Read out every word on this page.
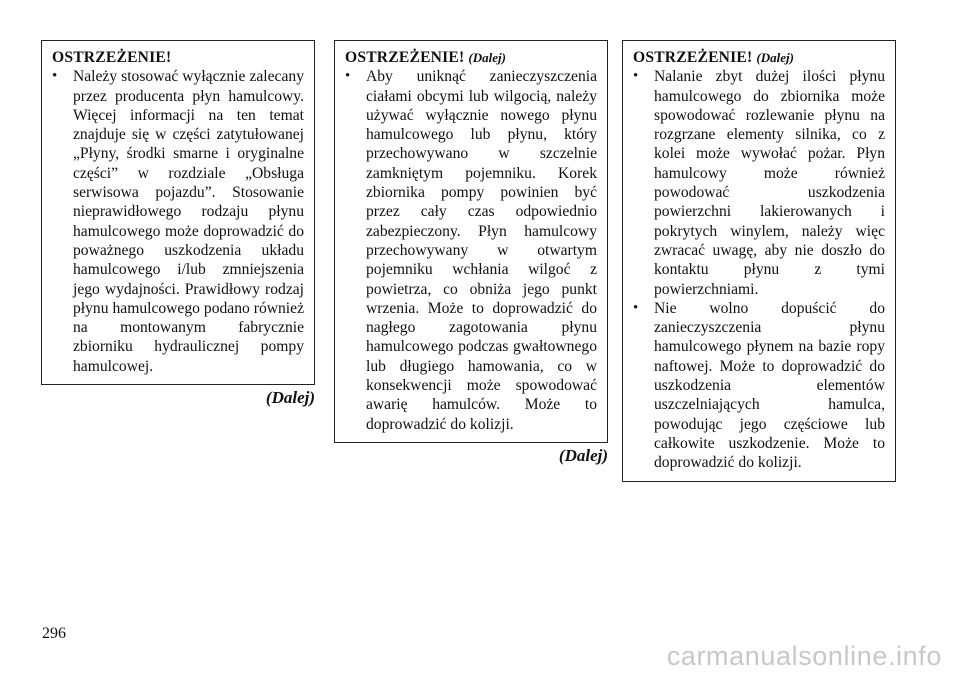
OSTRZEŻENIE!
• Należy stosować wyłącznie zalecany przez producenta płyn hamulcowy. Więcej informacji na ten temat znajduje się w części zatytułowanej „Płyny, środki smarne i oryginalne części” w rozdziale „Obsługa serwisowa pojazdu”. Stosowanie nieprawidłowego rodzaju płynu hamulcowego może doprowadzić do poważnego uszkodzenia układu hamulcowego i/lub zmniejszenia jego wydajności. Prawidłowy rodzaj płynu hamulcowego podano również na montowanym fabrycznie zbiorniku hydraulicznej pompy hamulcowej.
(Dalej)
OSTRZEŻENIE! (Dalej)
• Aby uniknąć zanieczyszczenia ciałami obcymi lub wilgocią, należy używać wyłącznie nowego płynu hamulcowego lub płynu, który przechowywano w szczelnie zamkniętym pojemniku. Korek zbiornika pompy powinien być przez cały czas odpowiednio zabezpieczony. Płyn hamulcowy przechowywany w otwartym pojemniku wchłania wilgoć z powietrza, co obniża jego punkt wrzenia. Może to doprowadzić do nagłego zagotowania płynu hamulcowego podczas gwałtownego lub długiego hamowania, co w konsekwencji może spowodować awarię hamulców. Może to doprowadzić do kolizji.
(Dalej)
OSTRZEŻENIE! (Dalej)
• Nalanie zbyt dużej ilości płynu hamulcowego do zbiornika może spowodować rozlewanie płynu na rozgrzane elementy silnika, co z kolei może wywołać pożar. Płyn hamulcowy może również powodować uszkodzenia powierzchni lakierowanych i pokrytych winylem, należy więc zwracać uwagę, aby nie doszło do kontaktu płynu z tymi powierzchniami.
• Nie wolno dopuścić do zanieczyszczenia płynu hamulcowego płynem na bazie ropy naftowej. Może to doprowadzić do uszkodzenia elementów uszczelniających hamulca, powodując jego częściowe lub całkowite uszkodzenie. Może to doprowadzić do kolizji.
296
carmanualsonline.info
